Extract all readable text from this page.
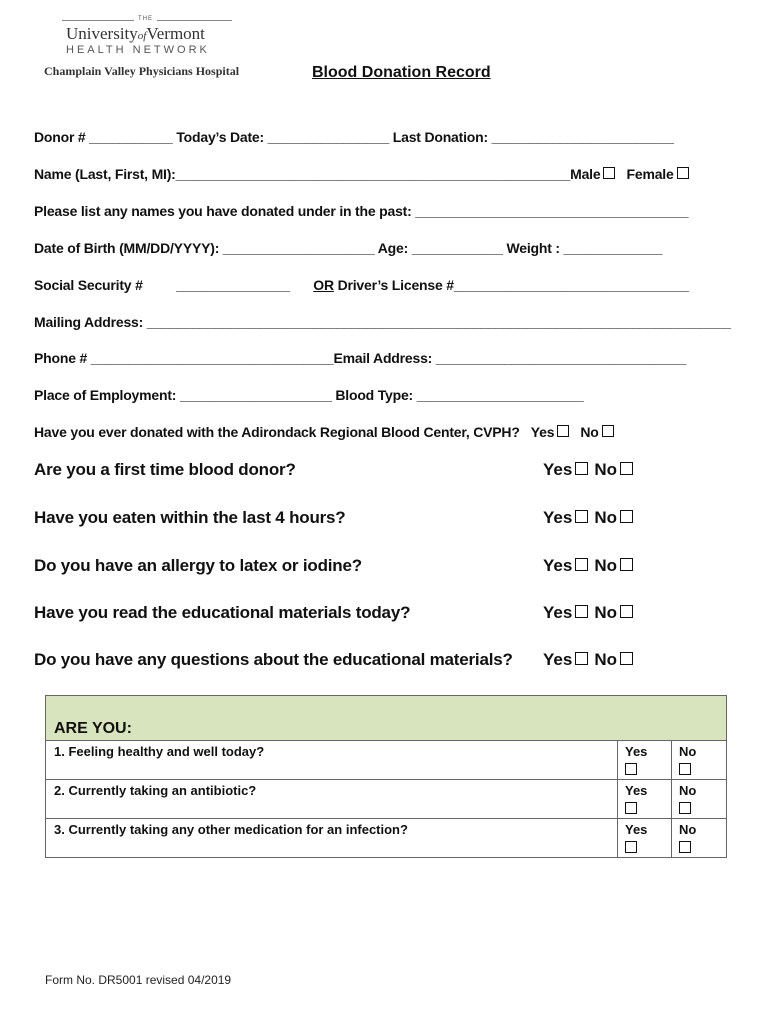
THE
UniversityofVermont
HEALTH NETWORK
Champlain Valley Physicians Hospital	Blood Donation Record
Donor # ___________ Today’s Date: ________________ Last Donation: ________________________
Name (Last, First, MI):____________________________________________________Male Female
Please list any names you have donated under in the past: ____________________________________
Date of Birth (MM/DD/YYYY): ____________________ Age: ____________ Weight : _____________
Social Security # _______________ OR Driver’s License #_______________________________
Mailing Address: _____________________________________________________________________________
Phone # ________________________________Email Address: _________________________________
Place of Employment: ____________________ Blood Type: ______________________
Have you ever donated with the Adirondack Regional Blood Center, CVPH? Yes No
Are you a first time blood donor?	Yes No
Have you eaten within the last 4 hours?	Yes No
Do you have an allergy to latex or iodine?	Yes No
Have you read the educational materials today?	Yes No
Do you have any questions about the educational materials? Yes No
ARE YOU:
1. Feeling healthy and well today?	Yes No
2. Currently taking an antibiotic?	Yes No
3. Currently taking any other medication for an infection?	Yes No
Form No. DR5001 revised 04/2019
